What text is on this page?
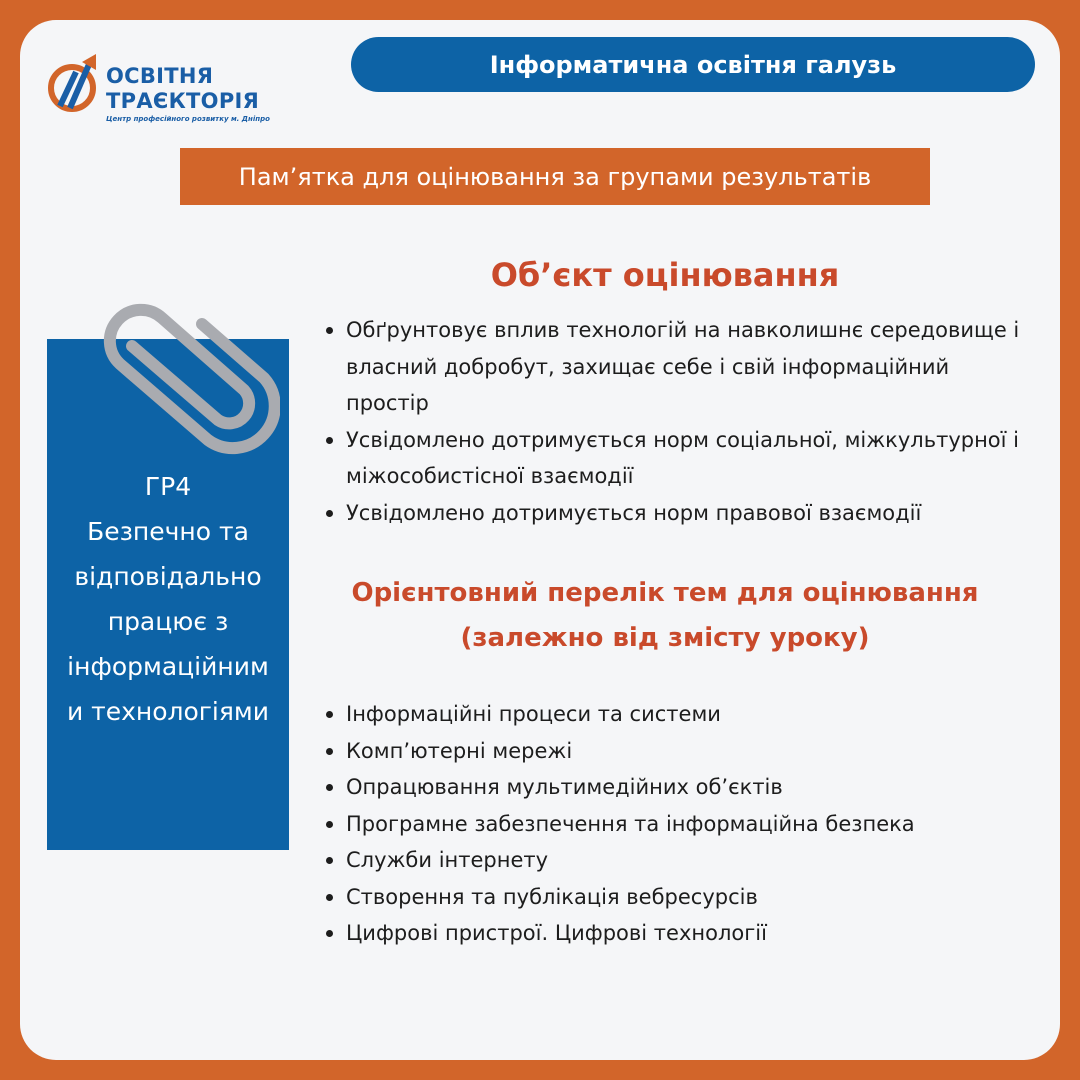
ОСВІТНЯ
ТРАЄКТОРІЯ
Центр професійного розвитку м. Дніпро
Інформатична освітня галузь
Пам’ятка для оцінювання за групами результатів
ГР4
Безпечно та
відповідально
працює з
інформаційним
и технологіями
Об’єкт оцінювання
Обґрунтовує вплив технологій на навколишнє середовище і власний добробут, захищає себе і свій інформаційний простір
Усвідомлено дотримується норм соціальної, міжкультурної і міжособистісної взаємодії
Усвідомлено дотримується норм правової взаємодії
Орієнтовний перелік тем для оцінювання
(залежно від змісту уроку)
Інформаційні процеси та системи
Комп’ютерні мережі
Опрацювання мультимедійних об’єктів
Програмне забезпечення та інформаційна безпека
Служби інтернету
Створення та публікація вебресурсів
Цифрові пристрої. Цифрові технології
